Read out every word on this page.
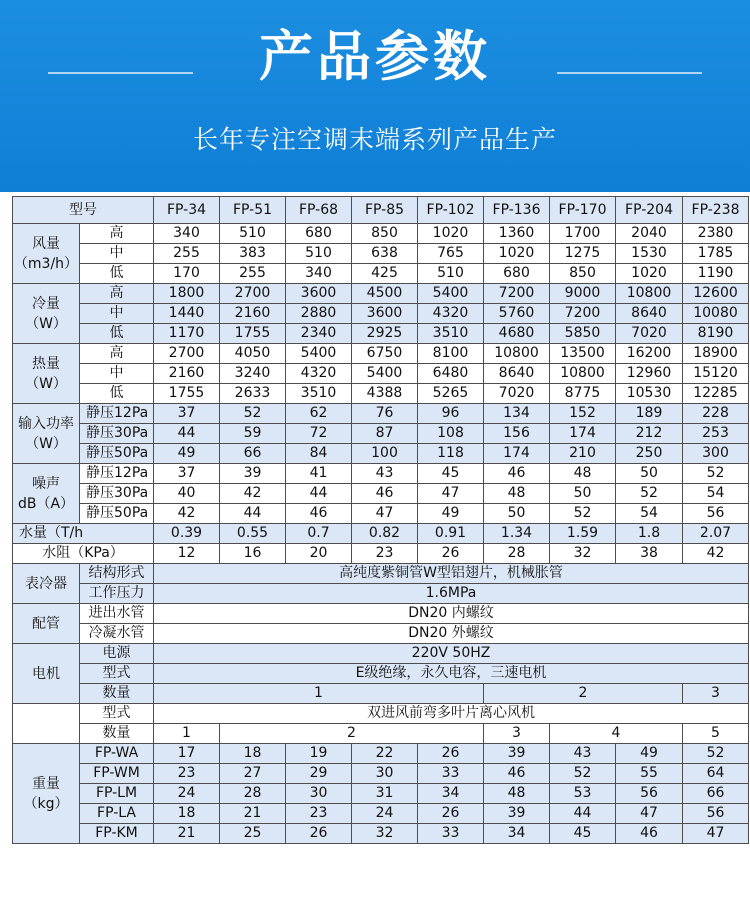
产品参数
长年专注空调末端系列产品生产
型号		FP-34	FP-51	FP-68	FP-85	FP-102	FP-136	FP-170	FP-204	FP-238
风量
（m3/h）	高	340	510	680	850	1020	1360	1700	2040	2380
	中	255	383	510	638	765	1020	1275	1530	1785
	低	170	255	340	425	510	680	850	1020	1190
冷量
（W）	高	1800	2700	3600	4500	5400	7200	9000	10800	12600
	中	1440	2160	2880	3600	4320	5760	7200	8640	10080
	低	1170	1755	2340	2925	3510	4680	5850	7020	8190
热量
（W）	高	2700	4050	5400	6750	8100	10800	13500	16200	18900
	中	2160	3240	4320	5400	6480	8640	10800	12960	15120
	低	1755	2633	3510	4388	5265	7020	8775	10530	12285
输入功率
（W）	静压12Pa	37	52	62	76	96	134	152	189	228
	静压30Pa	44	59	72	87	108	156	174	212	253
	静压50Pa	49	66	84	100	118	174	210	250	300
噪声
dB（A）	静压12Pa	37	39	41	43	45	46	48	50	52
	静压30Pa	40	42	44	46	47	48	50	52	54
	静压50Pa	42	44	46	47	49	50	52	54	56
水量（T/h		0.39	0.55	0.7	0.82	0.91	1.34	1.59	1.8	2.07
水阻（KPa）		12	16	20	23	26	28	32	38	42
表冷器	结构形式	高纯度紫铜管W型铝翅片，机械胀管								
	工作压力	1.6MPa								
配管	进出水管	DN20 内螺纹								
	冷凝水管	DN20 外螺纹								
电机	电源	220V 50HZ								
	型式	E级绝缘，永久电容，三速电机								
	数量	1					2			3
	型式	双进风前弯多叶片离心风机								
	数量	1	2				3	4		5
重量
（kg）	FP-WA	17	18	19	22	26	39	43	49	52
	FP-WM	23	27	29	30	33	46	52	55	64
	FP-LM	24	28	30	31	34	48	53	56	66
	FP-LA	18	21	23	24	26	39	44	47	56
	FP-KM	21	25	26	32	33	34	45	46	47
